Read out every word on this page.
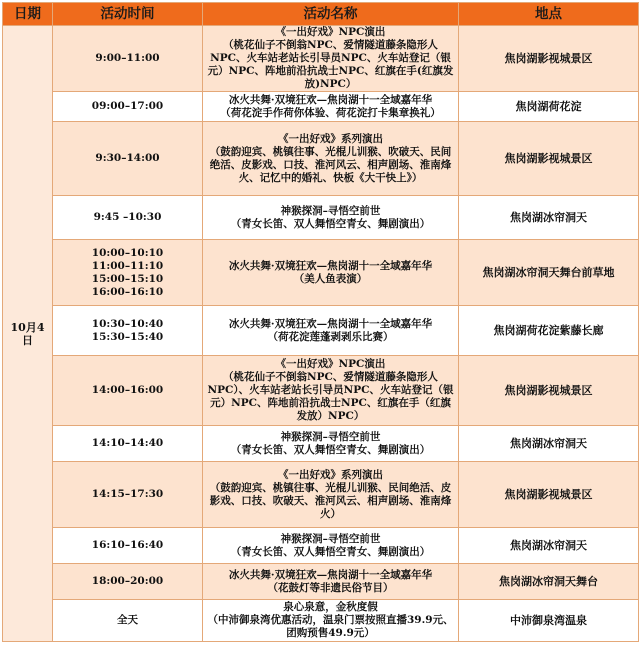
日期	活动时间	活动名称	地点
10月4日	9:00–11:00	《一出好戏》NPC演出
（桃花仙子不倒翁NPC、爱情隧道藤条隐形人NPC、火车站老站长引导员NPC、火车站登记（银元）NPC、阵地前沿抗战士NPC、红旗在手(红旗发放)NPC）	焦岗湖影视城景区

	09:00–17:00	冰火共舞·双境狂欢—焦岗湖十一全域嘉年华
（荷花淀手作荷你体验、荷花淀打卡集章换礼）	焦岗湖荷花淀

	9:30–14:00	《一出好戏》系列演出
（鼓韵迎宾、桃镇往事、光棍儿训猴、吹破天、民间绝活、皮影戏、口技、淮河风云、相声剧场、淮南烽火、记忆中的婚礼、快板《大干快上》）	焦岗湖影视城景区

	9:45 –10:30	神猴探洞–寻悟空前世
（青女长笛、双人舞悟空青女、舞剧演出）	焦岗湖冰帘洞天

	10:00–10:10
11:00–11:10
15:00–15:10
16:00–16:10	冰火共舞·双境狂欢—焦岗湖十一全域嘉年华
（美人鱼表演）	焦岗湖冰帘洞天舞台前草地

	10:30–10:40
15:30–15:40	冰火共舞·双境狂欢—焦岗湖十一全域嘉年华
（荷花淀莲蓬剥剥乐比赛）	焦岗湖荷花淀紫藤长廊

	14:00–16:00	《一出好戏》NPC演出
（桃花仙子不倒翁NPC、爱情隧道藤条隐形人NPC）、火车站老站长引导员NPC、火车站登记（银元）NPC、阵地前沿抗战士NPC、红旗在手（红旗发放）NPC）	焦岗湖影视城景区

	14:10–14:40	神猴探洞–寻悟空前世
（青女长笛、双人舞悟空青女、舞剧演出）	焦岗湖冰帘洞天

	14:15–17:30	《一出好戏》系列演出
（鼓韵迎宾、桃镇往事、光棍儿训猴、民间绝活、皮影戏、口技、吹破天、淮河风云、相声剧场、淮南烽火）	焦岗湖影视城景区

	16:10–16:40	神猴探洞–寻悟空前世
（青女长笛、双人舞悟空青女、舞剧演出）	焦岗湖冰帘洞天

	18:00–20:00	冰火共舞·双境狂欢—焦岗湖十一全域嘉年华
（花鼓灯等非遗民俗节目）	焦岗湖冰帘洞天舞台

	全天	泉心泉意，金秋度假
（中沛御泉湾优惠活动，温泉门票按照直播39.9元、团购预售49.9元）	中沛御泉湾温泉
